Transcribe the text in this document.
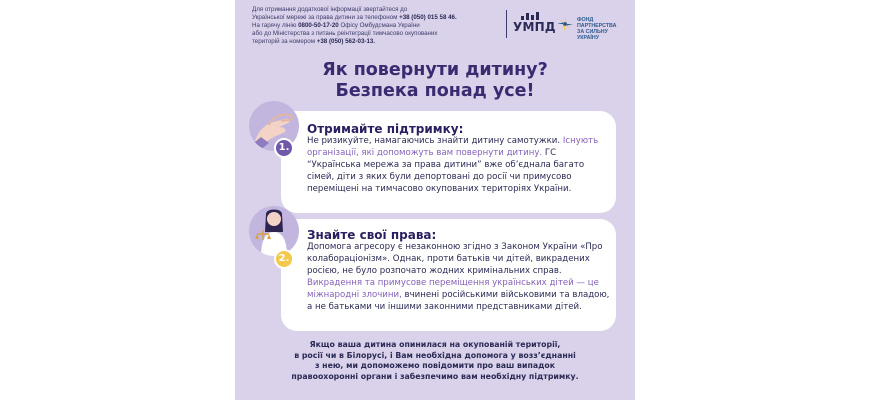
Для отримання додаткової інформації звертайтеся до
Української мережі за права дитини за телефоном +38 (050) 015 58 46.
На гарячу лінію 0800-50-17-20 Офісу Омбудсмана України
або до Міністерства з питань реінтеграції тимчасово окупованих
територій за номером +38 (050) 562-03-13.
УМПД	ФОНД ПАРТНЕРСТВА
ЗА СИЛЬНУ УКРАЇНУ
Як повернути дитину?
Безпека понад усе!
Отримайте підтримку:
Не ризикуйте, намагаючись знайти дитину самотужки. Існують організації, які допоможуть вам повернути дитину. ГС “Українська мережа за права дитини” вже об’єднала багато сімей, діти з яких були депортовані до росії чи примусово переміщені на тимчасово окупованих територіях України.
1.
Знайте свої права:
Допомога агресору є незаконною згідно з Законом України «Про колабораціонізм». Однак, проти батьків чи дітей, викрадених росією, не було розпочато жодних кримінальних справ. Викрадення та примусове переміщення українських дітей — це міжнародні злочини, вчинені російськими військовими та владою, а не батьками чи іншими законними представниками дітей.
2.
Якщо ваша дитина опинилася на окупованій території,
в росії чи в Білорусі, і Вам необхідна допомога у возз’єднанні
з нею, ми допоможемо повідомити про ваш випадок
правоохоронні органи і забезпечимо вам необхідну підтримку.
